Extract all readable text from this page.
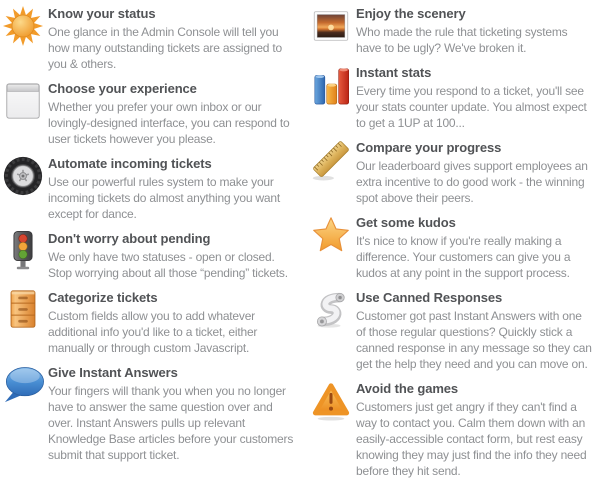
Know your status

One glance in the Admin Console will tell you how many outstanding tickets are assigned to you & others.

Choose your experience

Whether you prefer your own inbox or our lovingly-designed interface, you can respond to user tickets however you please.

Automate incoming tickets

Use our powerful rules system to make your incoming tickets do almost anything you want except for dance.

Don't worry about pending

We only have two statuses - open or closed. Stop worrying about all those “pending” tickets.

Categorize tickets

Custom fields allow you to add whatever additional info you'd like to a ticket, either manually or through custom Javascript.

Give Instant Answers

Your fingers will thank you when you no longer have to answer the same question over and over. Instant Answers pulls up relevant Knowledge Base articles before your customers submit that support ticket.

Enjoy the scenery

Who made the rule that ticketing systems have to be ugly? We've broken it.

Instant stats

Every time you respond to a ticket, you'll see your stats counter update. You almost expect to get a 1UP at 100...

Compare your progress

Our leaderboard gives support employees an extra incentive to do good work - the winning spot above their peers.

Get some kudos

It's nice to know if you're really making a difference. Your customers can give you a kudos at any point in the support process.

Use Canned Responses

Customer got past Instant Answers with one of those regular questions? Quickly stick a canned response in any message so they can get the help they need and you can move on.

Avoid the games

Customers just get angry if they can't find a way to contact you. Calm them down with an easily-accessible contact form, but rest easy knowing they may just find the info they need before they hit send.
